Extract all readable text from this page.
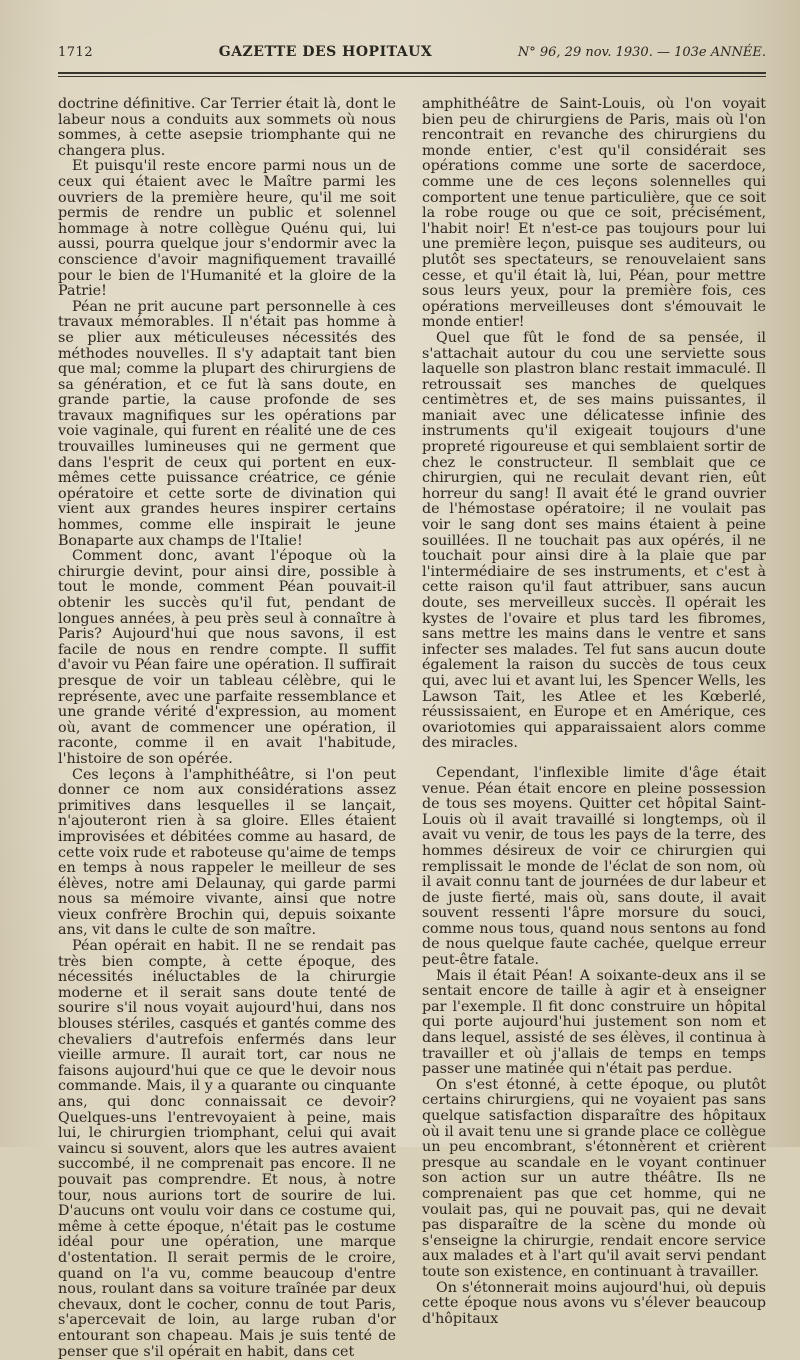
1712	GAZETTE DES HOPITAUX	N° 96, 29 nov. 1930. — 103e ANNÉE.

doctrine définitive. Car Terrier était là, dont le labeur nous a conduits aux sommets où nous sommes, à cette asepsie triomphante qui ne changera plus.

Et puisqu'il reste encore parmi nous un de ceux qui étaient avec le Maître parmi les ouvriers de la première heure, qu'il me soit permis de rendre un public et solennel hommage à notre collègue Quénu qui, lui aussi, pourra quelque jour s'endormir avec la conscience d'avoir magnifiquement travaillé pour le bien de l'Humanité et la gloire de la Patrie!

Péan ne prit aucune part personnelle à ces travaux mémorables. Il n'était pas homme à se plier aux méticuleuses nécessités des méthodes nouvelles. Il s'y adaptait tant bien que mal; comme la plupart des chirurgiens de sa génération, et ce fut là sans doute, en grande partie, la cause profonde de ses travaux magnifiques sur les opérations par voie vaginale, qui furent en réalité une de ces trouvailles lumineuses qui ne germent que dans l'esprit de ceux qui portent en eux-mêmes cette puissance créatrice, ce génie opératoire et cette sorte de divination qui vient aux grandes heures inspirer certains hommes, comme elle inspirait le jeune Bonaparte aux champs de l'Italie!

Comment donc, avant l'époque où la chirurgie devint, pour ainsi dire, possible à tout le monde, comment Péan pouvait-il obtenir les succès qu'il fut, pendant de longues années, à peu près seul à connaître à Paris? Aujourd'hui que nous savons, il est facile de nous en rendre compte. Il suffit d'avoir vu Péan faire une opération. Il suffirait presque de voir un tableau célèbre, qui le représente, avec une parfaite ressemblance et une grande vérité d'expression, au moment où, avant de commencer une opération, il raconte, comme il en avait l'habitude, l'histoire de son opérée.

Ces leçons à l'amphithéâtre, si l'on peut donner ce nom aux considérations assez primitives dans lesquelles il se lançait, n'ajouteront rien à sa gloire. Elles étaient improvisées et débitées comme au hasard, de cette voix rude et raboteuse qu'aime de temps en temps à nous rappeler le meilleur de ses élèves, notre ami Delaunay, qui garde parmi nous sa mémoire vivante, ainsi que notre vieux confrère Brochin qui, depuis soixante ans, vit dans le culte de son maître.

Péan opérait en habit. Il ne se rendait pas très bien compte, à cette époque, des nécessités inéluctables de la chirurgie moderne et il serait sans doute tenté de sourire s'il nous voyait aujourd'hui, dans nos blouses stériles, casqués et gantés comme des chevaliers d'autrefois enfermés dans leur vieille armure. Il aurait tort, car nous ne faisons aujourd'hui que ce que le devoir nous commande. Mais, il y a quarante ou cinquante ans, qui donc connaissait ce devoir? Quelques-uns l'entrevoyaient à peine, mais lui, le chirurgien triomphant, celui qui avait vaincu si souvent, alors que les autres avaient succombé, il ne comprenait pas encore. Il ne pouvait pas comprendre. Et nous, à notre tour, nous aurions tort de sourire de lui. D'aucuns ont voulu voir dans ce costume qui, même à cette époque, n'était pas le costume idéal pour une opération, une marque d'ostentation. Il serait permis de le croire, quand on l'a vu, comme beaucoup d'entre nous, roulant dans sa voiture traînée par deux chevaux, dont le cocher, connu de tout Paris, s'apercevait de loin, au large ruban d'or entourant son chapeau. Mais je suis tenté de penser que s'il opérait en habit, dans cet

amphithéâtre de Saint-Louis, où l'on voyait bien peu de chirurgiens de Paris, mais où l'on rencontrait en revanche des chirurgiens du monde entier, c'est qu'il considérait ses opérations comme une sorte de sacerdoce, comme une de ces leçons solennelles qui comportent une tenue particulière, que ce soit la robe rouge ou que ce soit, précisément, l'habit noir! Et n'est-ce pas toujours pour lui une première leçon, puisque ses auditeurs, ou plutôt ses spectateurs, se renouvelaient sans cesse, et qu'il était là, lui, Péan, pour mettre sous leurs yeux, pour la première fois, ces opérations merveilleuses dont s'émouvait le monde entier!

Quel que fût le fond de sa pensée, il s'attachait autour du cou une serviette sous laquelle son plastron blanc restait immaculé. Il retroussait ses manches de quelques centimètres et, de ses mains puissantes, il maniait avec une délicatesse infinie des instruments qu'il exigeait toujours d'une propreté rigoureuse et qui semblaient sortir de chez le constructeur. Il semblait que ce chirurgien, qui ne reculait devant rien, eût horreur du sang! Il avait été le grand ouvrier de l'hémostase opératoire; il ne voulait pas voir le sang dont ses mains étaient à peine souillées. Il ne touchait pas aux opérés, il ne touchait pour ainsi dire à la plaie que par l'intermédiaire de ses instruments, et c'est à cette raison qu'il faut attribuer, sans aucun doute, ses merveilleux succès. Il opérait les kystes de l'ovaire et plus tard les fibromes, sans mettre les mains dans le ventre et sans infecter ses malades. Tel fut sans aucun doute également la raison du succès de tous ceux qui, avec lui et avant lui, les Spencer Wells, les Lawson Tait, les Atlee et les Kœberlé, réussissaient, en Europe et en Amérique, ces ovariotomies qui apparaissaient alors comme des miracles.

Cependant, l'inflexible limite d'âge était venue. Péan était encore en pleine possession de tous ses moyens. Quitter cet hôpital Saint-Louis où il avait travaillé si longtemps, où il avait vu venir, de tous les pays de la terre, des hommes désireux de voir ce chirurgien qui remplissait le monde de l'éclat de son nom, où il avait connu tant de journées de dur labeur et de juste fierté, mais où, sans doute, il avait souvent ressenti l'âpre morsure du souci, comme nous tous, quand nous sentons au fond de nous quelque faute cachée, quelque erreur peut-être fatale.

Mais il était Péan! A soixante-deux ans il se sentait encore de taille à agir et à enseigner par l'exemple. Il fit donc construire un hôpital qui porte aujourd'hui justement son nom et dans lequel, assisté de ses élèves, il continua à travailler et où j'allais de temps en temps passer une matinée qui n'était pas perdue.

On s'est étonné, à cette époque, ou plutôt certains chirurgiens, qui ne voyaient pas sans quelque satisfaction disparaître des hôpitaux où il avait tenu une si grande place ce collègue un peu encombrant, s'étonnèrent et crièrent presque au scandale en le voyant continuer son action sur un autre théâtre. Ils ne comprenaient pas que cet homme, qui ne voulait pas, qui ne pouvait pas, qui ne devait pas disparaître de la scène du monde où s'enseigne la chirurgie, rendait encore service aux malades et à l'art qu'il avait servi pendant toute son existence, en continuant à travailler.

On s'étonnerait moins aujourd'hui, où depuis cette époque nous avons vu s'élever beaucoup d'hôpitaux
